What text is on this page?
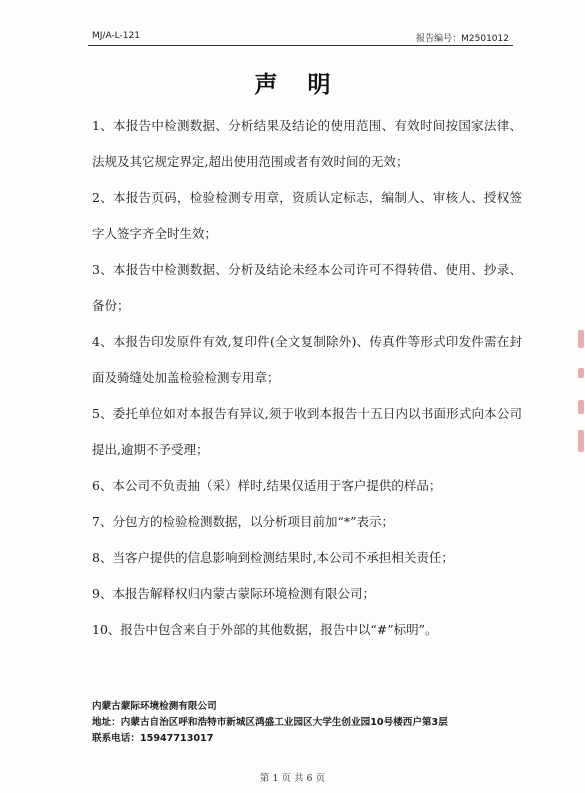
MJ/A-L-121	报告编号：M2501012
声明

1、本报告中检测数据、分析结果及结论的使用范围、有效时间按国家法律、法规及其它规定界定,超出使用范围或者有效时间的无效；

2、本报告页码，检验检测专用章，资质认定标志，编制人、审核人、授权签字人签字齐全时生效；

3、本报告中检测数据、分析及结论未经本公司许可不得转借、使用、抄录、备份；

4、本报告印发原件有效,复印件(全文复制除外)、传真件等形式印发件需在封面及骑缝处加盖检验检测专用章；

5、委托单位如对本报告有异议,须于收到本报告十五日内以书面形式向本公司提出,逾期不予受理；

6、本公司不负责抽（采）样时,结果仅适用于客户提供的样品；

7、分包方的检验检测数据，以分析项目前加“*”表示；

8、当客户提供的信息影响到检测结果时,本公司不承担相关责任；

9、本报告解释权归内蒙古蒙际环境检测有限公司；

10、报告中包含来自于外部的其他数据，报告中以“#”标明”。

内蒙古蒙际环境检测有限公司
地址：内蒙古自治区呼和浩特市新城区鸿盛工业园区大学生创业园10号楼西户第3层
联系电话：15947713017
第 1 页 共 6 页
